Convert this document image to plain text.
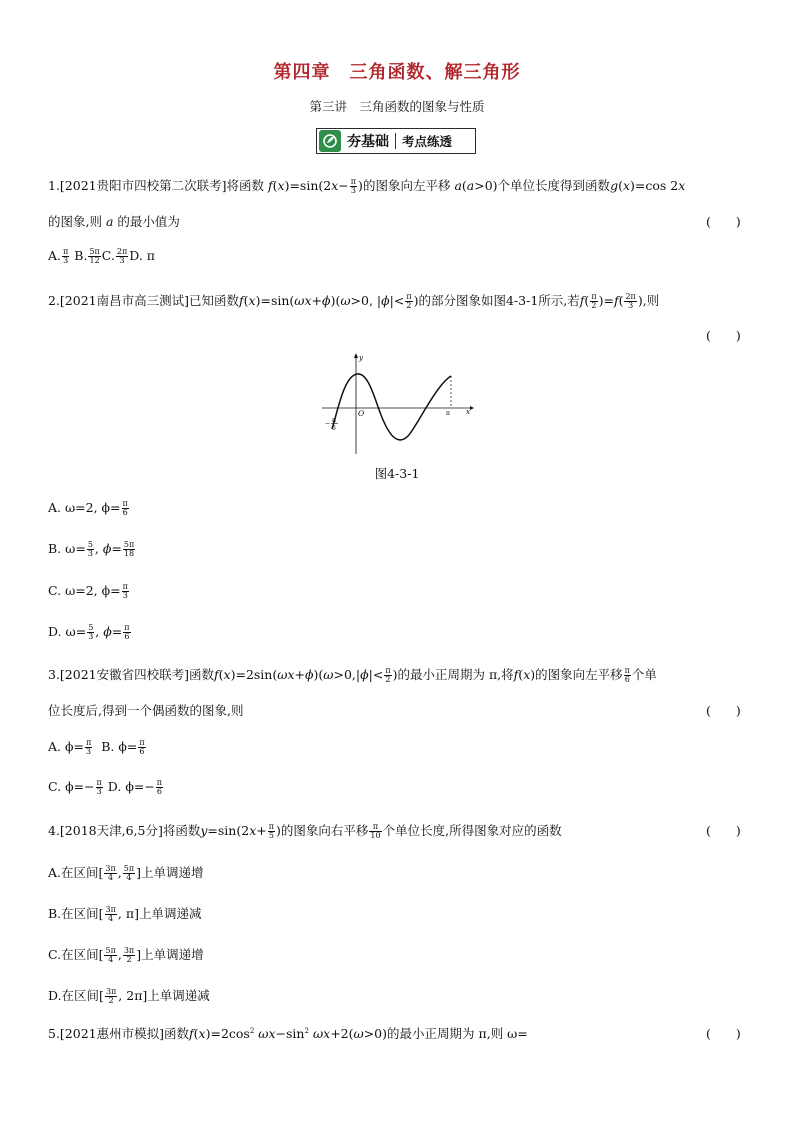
第四章　三角函数、解三角形
第三讲　三角函数的图象与性质
夯基础 考点练透
1.[2021贵阳市四校第二次联考]将函数 $f(x)=\sin(2x- \frac{\pi}{3}$ )的图象向左平移 a(a>0)个单位长度得到函数g(x)=cos 2x
的图象,则 a 的最小值为	(　　)
A. $\frac{\pi}{3} B$. $\frac{5\pi}{12} C$. $\frac{2\pi}{3} D$. π
2.[2021南昌市高三测试]已知函数f(x)=sin(ωx+ϕ)(ω>0, $|\phi|< \frac{\pi}{2}$ )的部分图象如图4-3-1所示,若$f( \frac{\pi}{2} )=f( \frac{2\pi}{3}$ ),则
(　　)
y
x
O	π
− π
6
图4-3-1
A. ω=2, $\phi= \frac{\pi}{6}$
B. $\omega= \frac{5}{3}$ , $\phi= \frac{5\pi}{18}$
C. ω=2, $\phi= \frac{\pi}{3}$
D. $\omega= \frac{5}{3}$ , $\phi= \frac{\pi}{6}$
3.[2021安徽省四校联考]函数$f(x)=2\sin(\omega x+\phi)(\omega>0,|\phi|< \frac{\pi}{2}$ )的最小正周期为 π,将f(x)的图象向左平移 $\frac{\pi}{6}$ 个单
位长度后,得到一个偶函数的图象,则	(　　)
A. $\phi= \frac{\pi}{3} B$. $\phi= \frac{\pi}{6}$
C. $\phi=- \frac{\pi}{3} D$. $\phi=- \frac{\pi}{6}$
4.[2018天津,6,5分]将函数$y=\sin(2x+ \frac{\pi}{5}$ )的图象向右平移 $\frac{\pi}{10}$ 个单位长度,所得图象对应的函数	(　　)
A.在区间[ $\frac{3\pi}{4}$ , $\frac{5\pi}{4}$ ]上单调递增
B.在区间[ $\frac{3\pi}{4}$ , π]上单调递减
C.在区间[ $\frac{5\pi}{4}$ , $\frac{3\pi}{2}$ ]上单调递增
D.在区间[ $\frac{3\pi}{2}$ , 2π]上单调递减
5.[2021惠州市模拟]函数$f(x)=2\cos^2$ $\omega x-\sin^2$ ωx+2(ω>0)的最小正周期为 π,则 ω=	(　　)
